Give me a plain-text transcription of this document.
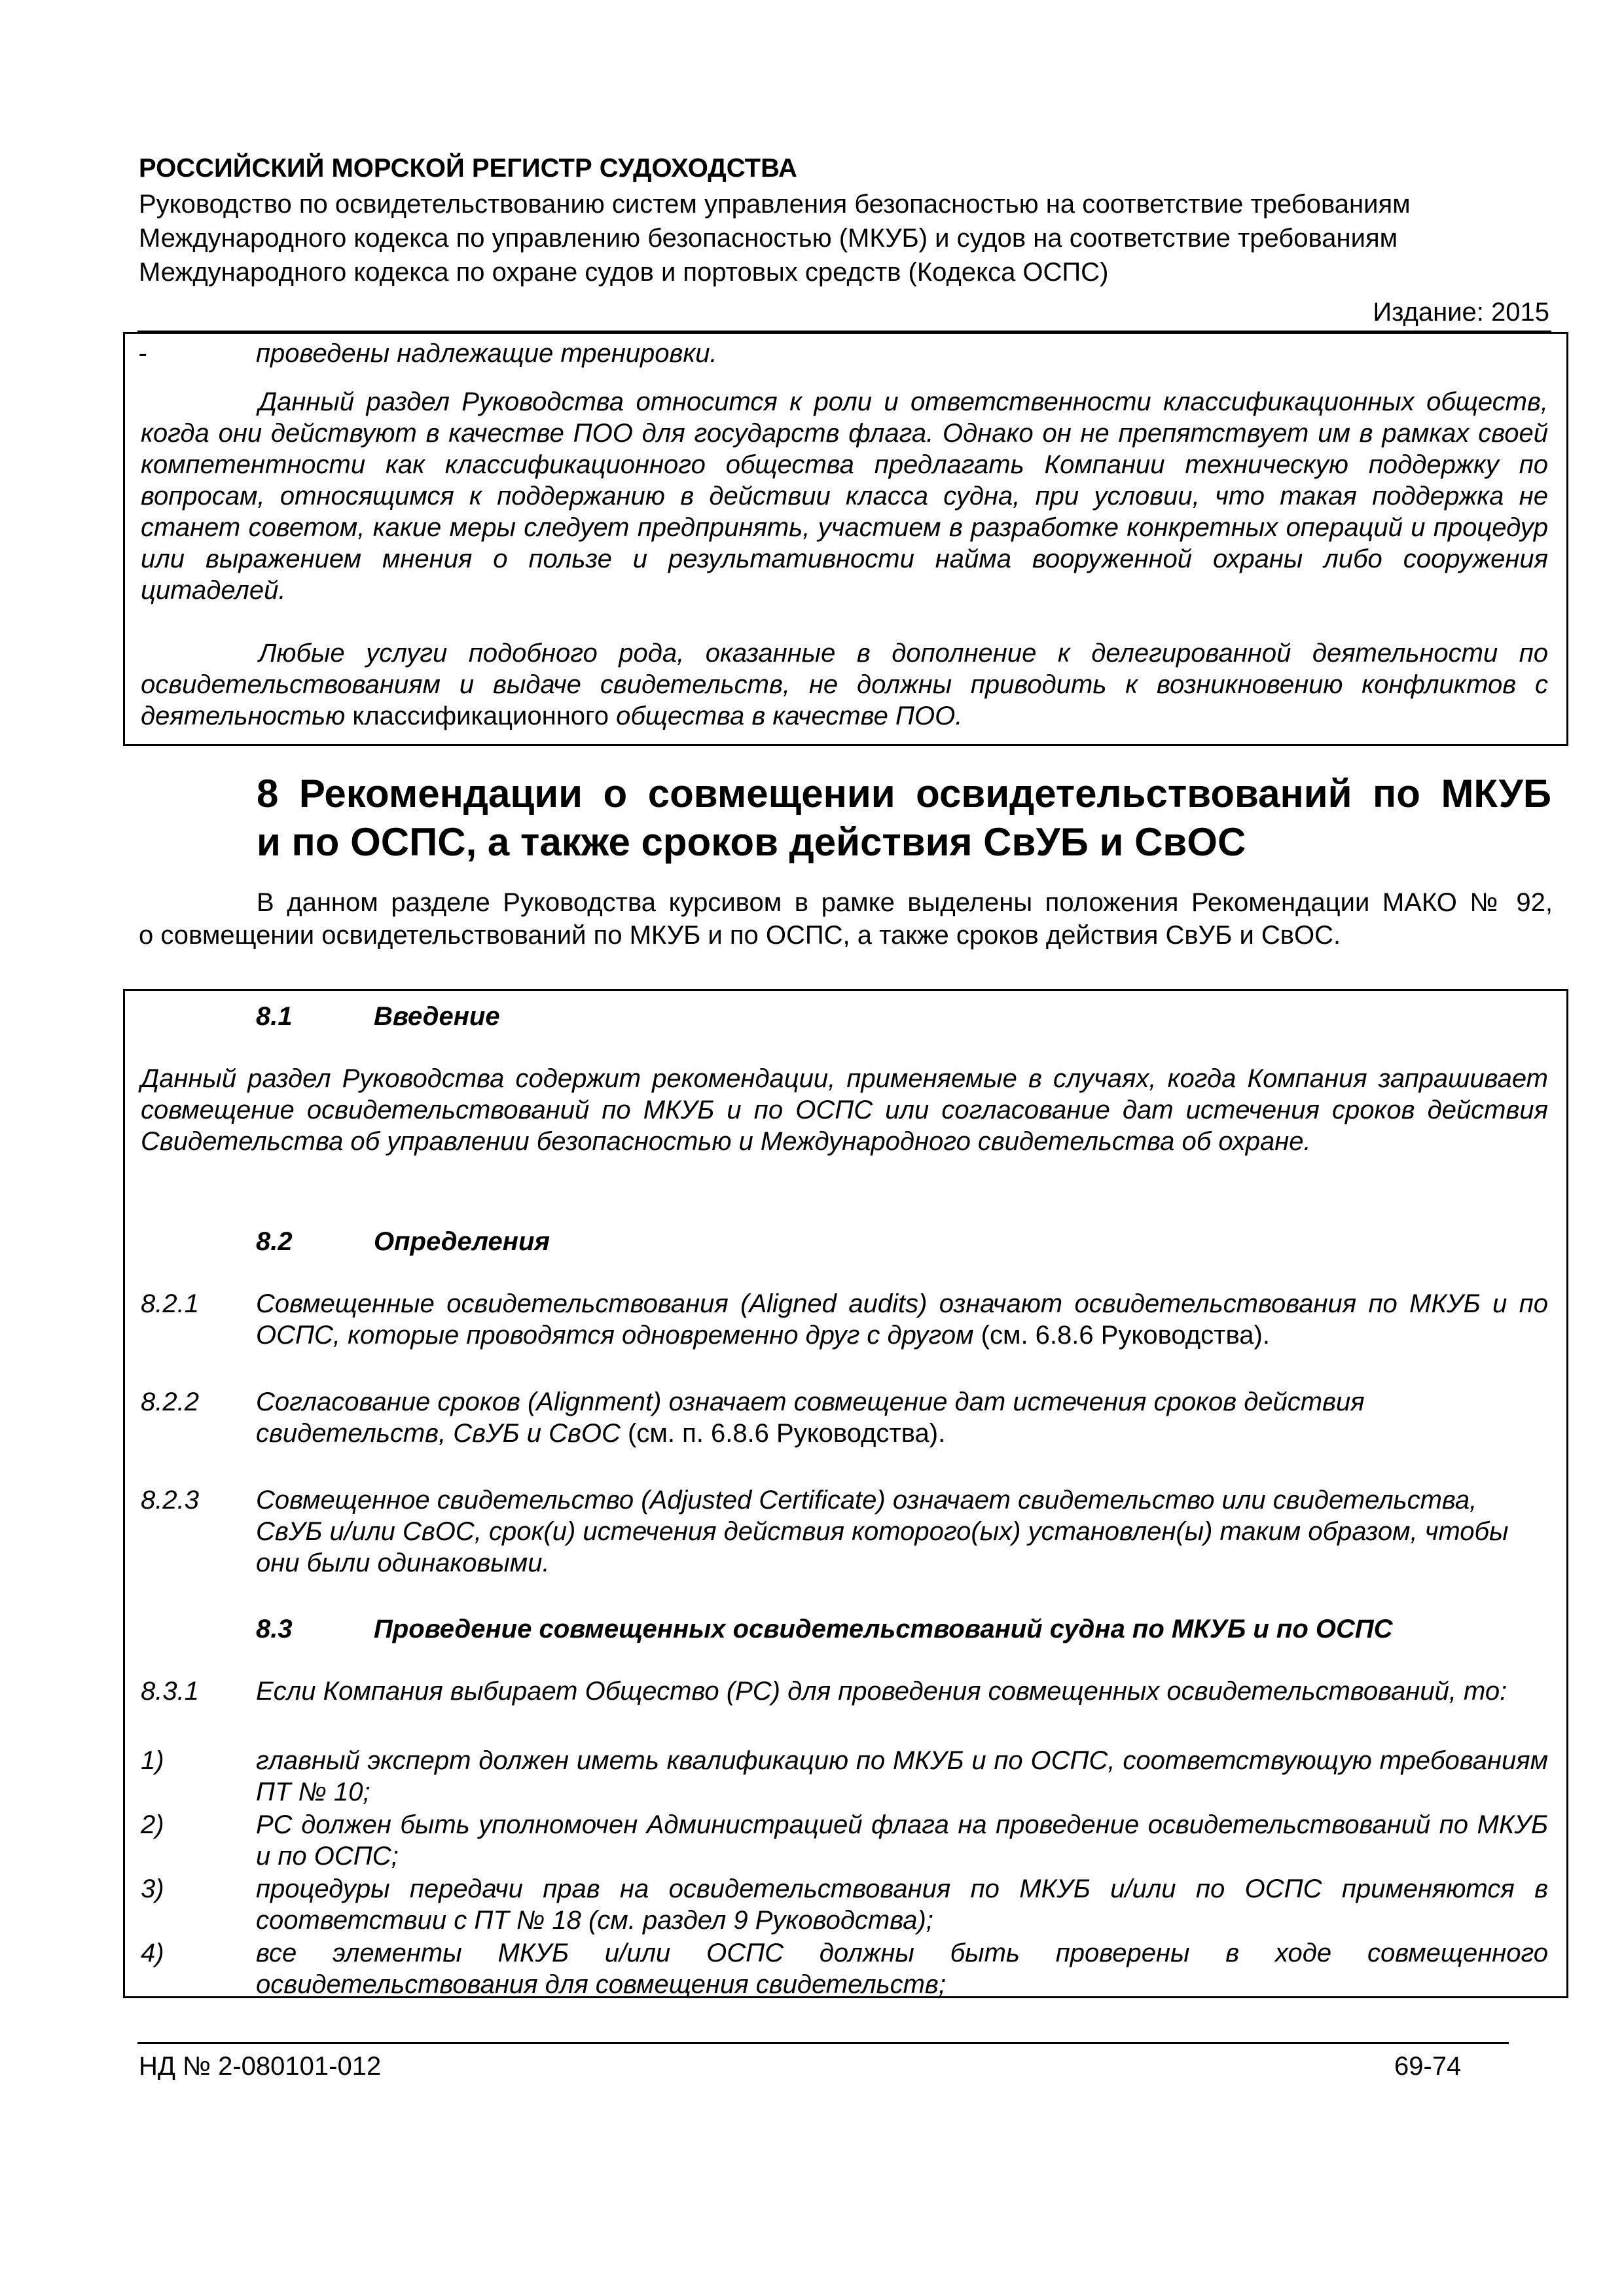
РОССИЙСКИЙ МОРСКОЙ РЕГИСТР СУДОХОДСТВА
Руководство по освидетельствованию систем управления безопасностью на соответствие требованиям
Международного кодекса по управлению безопасностью (МКУБ) и судов на соответствие требованиям
Международного кодекса по охране судов и портовых средств (Кодекса ОСПС)
Издание: 2015
-	проведены надлежащие тренировки.
Данный раздел Руководства относится к роли и ответственности классификационных обществ, когда они действуют в качестве ПОО для государств флага. Однако он не препятствует им в рамках своей компетентности как классификационного общества предлагать Компании техническую поддержку по вопросам, относящимся к поддержанию в действии класса судна, при условии, что такая поддержка не станет советом, какие меры следует предпринять, участием в разработке конкретных операций и процедур или выражением мнения о пользе и результативности найма вооруженной охраны либо сооружения цитаделей.
Любые услуги подобного рода, оказанные в дополнение к делегированной деятельности по освидетельствованиям и выдаче свидетельств, не должны приводить к возникновению конфликтов с деятельностью классификационного общества в качестве ПОО.
8 Рекомендации о совмещении освидетельствований по МКУБ
и по ОСПС, а также сроков действия СвУБ и СвОС
В данном разделе Руководства курсивом в рамке выделены положения Рекомендации МАКО № 92,
о совмещении освидетельствований по МКУБ и по ОСПС, а также сроков действия СвУБ и СвОС.
8.1	Введение
Данный раздел Руководства содержит рекомендации, применяемые в случаях, когда Компания запрашивает совмещение освидетельствований по МКУБ и по ОСПС или согласование дат истечения сроков действия Свидетельства об управлении безопасностью и Международного свидетельства об охране.
8.2	Определения
8.2.1 Совмещенные освидетельствования (Aligned audits) означают освидетельствования по МКУБ и по ОСПС, которые проводятся одновременно друг с другом (см. 6.8.6 Руководства).
8.2.2 Согласование сроков (Alignment) означает совмещение дат истечения сроков действия свидетельств, СвУБ и СвОС (см. п. 6.8.6 Руководства).
8.2.3 Совмещенное свидетельство (Adjusted Certificate) означает свидетельство или свидетельства, СвУБ и/или СвОС, срок(и) истечения действия которого(ых) установлен(ы) таким образом, чтобы они были одинаковыми.
8.3	Проведение совмещенных освидетельствований судна по МКУБ и по ОСПС
8.3.1 Если Компания выбирает Общество (РС) для проведения совмещенных освидетельствований, то:
1)	главный эксперт должен иметь квалификацию по МКУБ и по ОСПС, соответствующую требованиям ПТ № 10;
2)	РС должен быть уполномочен Администрацией флага на проведение освидетельствований по МКУБ и по ОСПС;
3)	процедуры передачи прав на освидетельствования по МКУБ и/или по ОСПС применяются в соответствии с ПТ № 18 (см. раздел 9 Руководства);
4)	все элементы МКУБ и/или ОСПС должны быть проверены в ходе совмещенного освидетельствования для совмещения свидетельств;
НД № 2-080101-012	69-74
